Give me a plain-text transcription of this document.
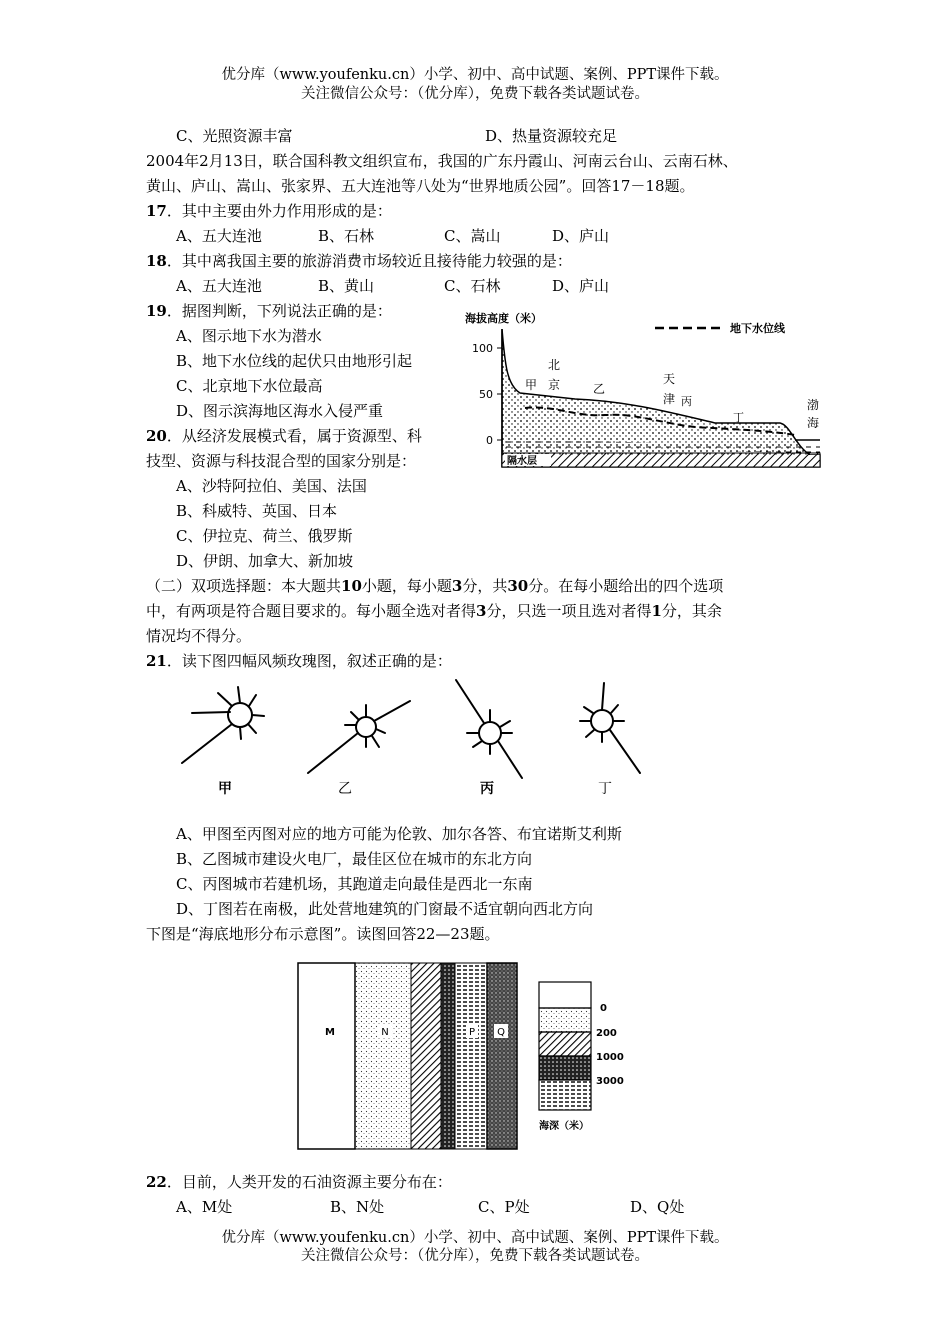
优分库（www.youfenku.cn）小学、初中、高中试题、案例、PPT课件下载。
关注微信公众号：（优分库），免费下载各类试题试卷。
C、光照资源丰富	D、热量资源较充足
2004年2月13日，联合国科教文组织宣布，我国的广东丹霞山、河南云台山、云南石林、
黄山、庐山、嵩山、张家界、五大连池等八处为“世界地质公园”。回答17－18题。
17．其中主要由外力作用形成的是：
A、五大连池	B、石林	C、嵩山	D、庐山
18．其中离我国主要的旅游消费市场较近且接待能力较强的是：
A、五大连池	B、黄山	C、石林	D、庐山
19．据图判断，下列说法正确的是：
A、图示地下水为潜水
B、地下水位线的起伏只由地形引起
C、北京地下水位最高
D、图示滨海地区海水入侵严重
海拔高度（米）
地下水位线
100
50
0
隔水层
甲
北
京	乙
天
津 丙
丁
渤
海
20．从经济发展模式看，属于资源型、科
技型、资源与科技混合型的国家分别是：
A、沙特阿拉伯、美国、法国
B、科威特、英国、日本
C、伊拉克、荷兰、俄罗斯
D、伊朗、加拿大、新加坡
（二）双项选择题：本大题共10小题，每小题3分，共30分。在每小题给出的四个选项
中，有两项是符合题目要求的。每小题全选对者得3分，只选一项且选对者得1分，其余
情况均不得分。
21．读下图四幅风频玫瑰图，叙述正确的是：
甲	乙	丙	丁
A、甲图至丙图对应的地方可能为伦敦、加尔各答、布宜诺斯艾利斯
B、乙图城市建设火电厂，最佳区位在城市的东北方向
C、丙图城市若建机场，其跑道走向最佳是西北一东南
D、丁图若在南极，此处营地建筑的门窗最不适宜朝向西北方向
下图是“海底地形分布示意图”。读图回答22—23题。
M	N	P Q
0
200
1000
3000
海深（米）
22．目前，人类开发的石油资源主要分布在：
A、M处	B、N处	C、P处	D、Q处
优分库（www.youfenku.cn）小学、初中、高中试题、案例、PPT课件下载。
关注微信公众号：（优分库），免费下载各类试题试卷。
